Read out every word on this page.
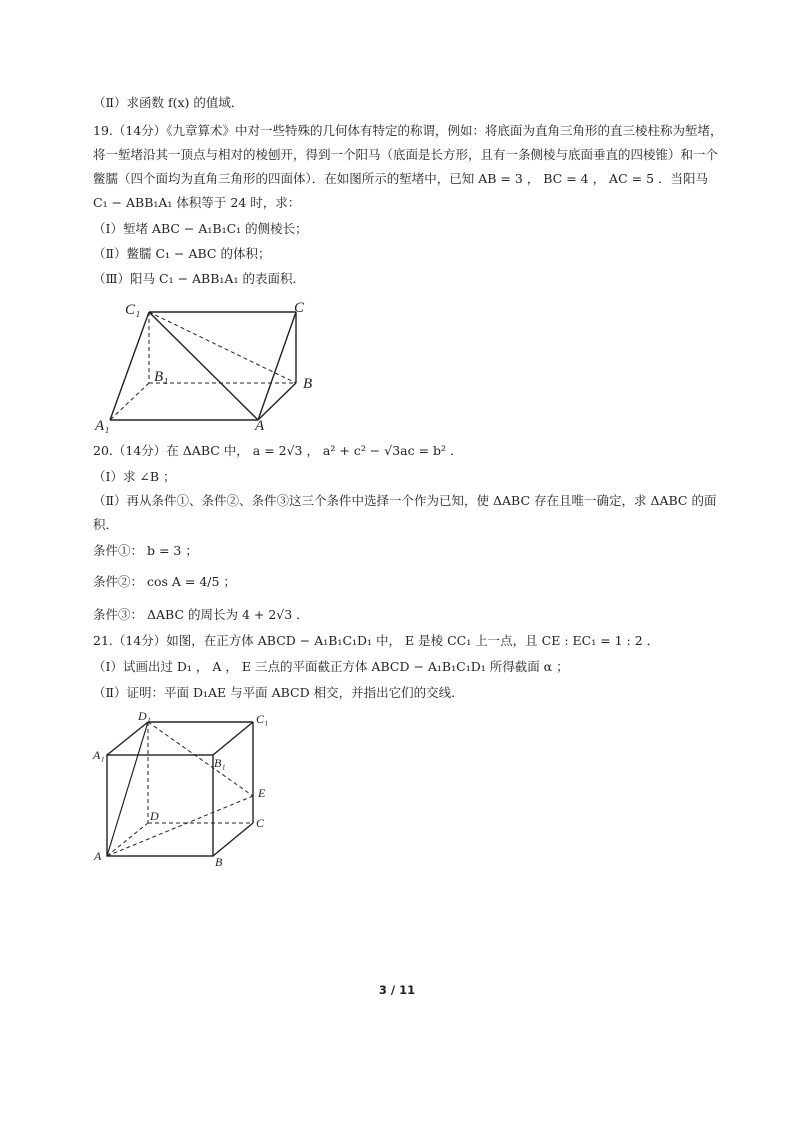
（Ⅱ）求函数 f(x) 的值域．
19.（14分）《九章算术》中对一些特殊的几何体有特定的称谓，例如：将底面为直角三角形的直三棱柱称为堑堵，
将一堑堵沿其一顶点与相对的棱刨开，得到一个阳马（底面是长方形，且有一条侧棱与底面垂直的四棱锥）和一个
鳖臑（四个面均为直角三角形的四面体）．在如图所示的堑堵中，已知 AB = 3 ， BC = 4 ， AC = 5 ．当阳马
C₁ − ABB₁A₁ 体积等于 24 时，求：
（Ⅰ）堑堵 ABC − A₁B₁C₁ 的侧棱长；
（Ⅱ）鳖臑 C₁ − ABC 的体积；
（Ⅲ）阳马 C₁ − ABB₁A₁ 的表面积．
C₁	C
B₁	B
A₁	A
20.（14分）在 ΔABC 中， a = 2√3 ， a² + c² − √3ac = b² ．
（Ⅰ）求 ∠B ；
（Ⅱ）再从条件①、条件②、条件③这三个条件中选择一个作为已知，使 ΔABC 存在且唯一确定，求 ΔABC 的面
积．
条件①： b = 3 ；
条件②： cos A = 4/5 ；
条件③： ΔABC 的周长为 4 + 2√3 ．
21.（14分）如图，在正方体 ABCD − A₁B₁C₁D₁ 中， E 是棱 CC₁ 上一点，且 CE : EC₁ = 1 : 2 ．
（Ⅰ）试画出过 D₁ ， A ， E 三点的平面截正方体 ABCD − A₁B₁C₁D₁ 所得截面 α ；
（Ⅱ）证明：平面 D₁AE 与平面 ABCD 相交，并指出它们的交线．
D₁	C₁
A₁
B₁
E
D	C
A	B
3 / 11
